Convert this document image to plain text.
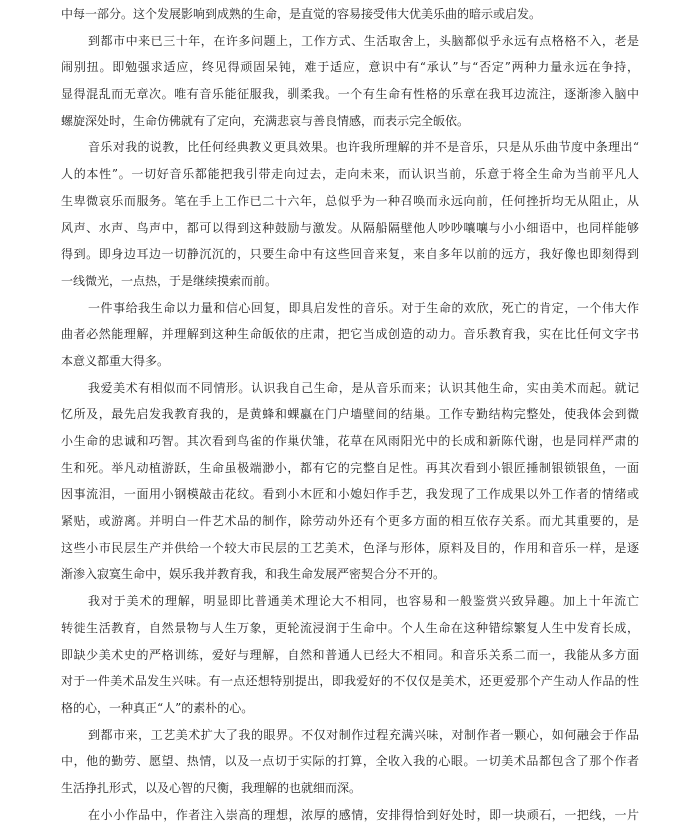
中每一部分。这个发展影响到成熟的生命，是直觉的容易接受伟大优美乐曲的暗示或启发。
到都市中来已三十年，在许多问题上，工作方式、生活取舍上，头脑都似乎永远有点格格不入，老是
闹别扭。即勉强求适应，终见得顽固呆钝，难于适应，意识中有“承认”与“否定”两种力量永远在争持，
显得混乱而无章次。唯有音乐能征服我，驯柔我。一个有生命有性格的乐章在我耳边流注，逐渐渗入脑中
螺旋深处时，生命仿佛就有了定向，充满悲哀与善良情感，而表示完全皈依。
音乐对我的说教，比任何经典教义更具效果。也许我所理解的并不是音乐，只是从乐曲节度中条理出“
人的本性”。一切好音乐都能把我引带走向过去，走向未来，而认识当前，乐意于将全生命为当前平凡人
生卑微哀乐而服务。笔在手上工作已二十六年，总似乎为一种召唤而永远向前，任何挫折均无从阻止，从
风声、水声、鸟声中，都可以得到这种鼓励与激发。从隔船隔壁他人吵吵嚷嚷与小小细语中，也同样能够
得到。即身边耳边一切静沉沉的，只要生命中有这些回音来复，来自多年以前的远方，我好像也即刻得到
一线微光，一点热，于是继续摸索而前。
一件事给我生命以力量和信心回复，即具启发性的音乐。对于生命的欢欣，死亡的肯定，一个伟大作
曲者必然能理解，并理解到这种生命皈依的庄肃，把它当成创造的动力。音乐教育我，实在比任何文字书
本意义都重大得多。
我爱美术有相似而不同情形。认识我自己生命，是从音乐而来；认识其他生命，实由美术而起。就记
忆所及，最先启发我教育我的，是黄蜂和蜾蠃在门户墙壁间的结巢。工作专勤结构完整处，使我体会到微
小生命的忠诚和巧智。其次看到鸟雀的作巢伏雏，花草在风雨阳光中的长成和新陈代谢，也是同样严肃的
生和死。举凡动植游跃，生命虽极端渺小，都有它的完整自足性。再其次看到小银匠捶制银锁银鱼，一面
因事流泪，一面用小钢模敲击花纹。看到小木匠和小媳妇作手艺，我发现了工作成果以外工作者的情绪或
紧贴，或游离。并明白一件艺术品的制作，除劳动外还有个更多方面的相互依存关系。而尤其重要的，是
这些小市民层生产并供给一个较大市民层的工艺美术，色泽与形体，原料及目的，作用和音乐一样，是逐
渐渗入寂寞生命中，娱乐我并教育我，和我生命发展严密契合分不开的。
我对于美术的理解，明显即比普通美术理论大不相同，也容易和一般鉴赏兴致异趣。加上十年流亡
转徙生活教育，自然景物与人生万象，更轮流浸润于生命中。个人生命在这种错综繁复人生中发育长成，
即缺少美术史的严格训练，爱好与理解，自然和普通人已经大不相同。和音乐关系二而一，我能从多方面
对于一件美术品发生兴味。有一点还想特别提出，即我爱好的不仅仅是美术，还更爱那个产生动人作品的性
格的心，一种真正“人”的素朴的心。
到都市来，工艺美术扩大了我的眼界。不仅对制作过程充满兴味，对制作者一颗心，如何融会于作品
中，他的勤劳、愿望、热情，以及一点切于实际的打算，全收入我的心眼。一切美术品都包含了那个作者
生活挣扎形式，以及心智的尺衡，我理解的也就细而深。
在小小作品中，作者注入崇高的理想，浓厚的感情，安排得恰到好处时，即一块顽石，一把线，一片
